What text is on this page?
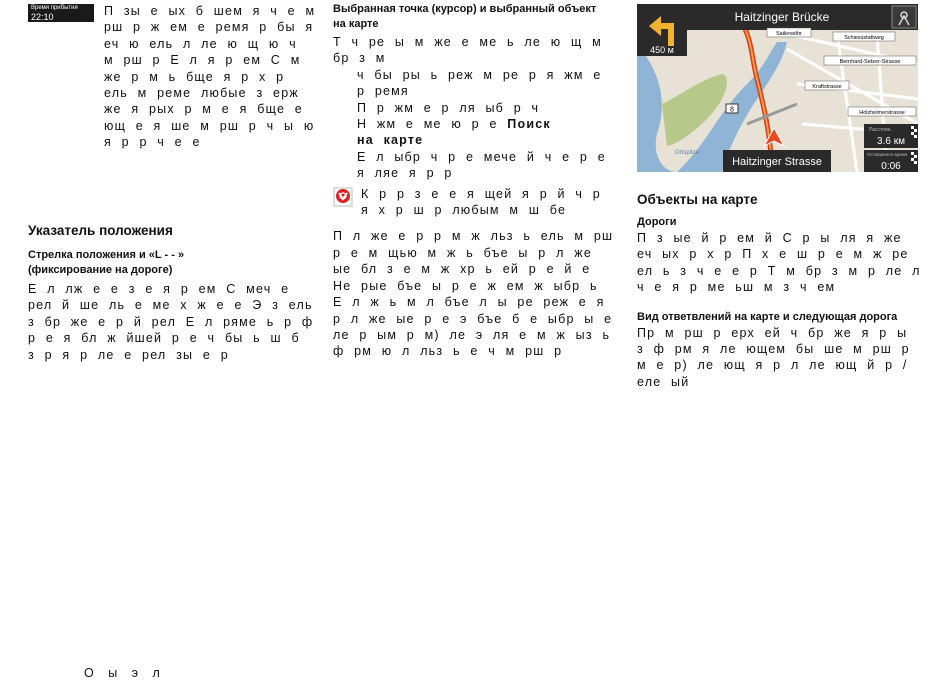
Время прибытия
22:10	П зы е ых б шем я ч е м рш р ж ем е ремя р бы я еч ю ель л ле ю щ ю ч м рш р Е л я р ем С м же р м ь бще я р х р ель м реме любые з ерж же я рых р м е я бще е ющ е я ше м рш р ч ы ю я р р ч е е

Указатель положения
Стрелка положения и «L - - »
(фиксирование на дороге)

Е л лж е е з е я р ем С меч е рел й ше ль е ме х ж е е Э з ель з бр же е р й рел Е л ряме ь р ф р е я бл ж йшей р е ч бы ь ш б з р я р ле е рел зы е р

Выбранная точка (курсор) и выбранный объект
на карте

Т ч ре ы м же е ме ь ле ю щ м бр з м

ч бы ры ь реж м ре р я жм е р ремя

П р жм е р ля ыб р ч

Н жм е ме ю р е Поиск
на карте

Е л ыбр ч р е мече й ч е р е я ляе я р р

К р р з е е я щей я р й ч р я х р ш р любым м ш бе

П л же е р р м ж льз ь ель м рш р е м щью м ж ь бъе ы р л же ые бл з е м ж хр ь ей р е й е Не рые бъе ы р е ж ем ж ыбр ь

Е л ж ь м л бъе л ы ре реж е я р л же ые р е э бъе б е ыбр ы е ле р ым р м) ле э ля е м ж ыз ь ф рм ю л льз ь е ч м рш р

8
Haitzinger Brücke
450 м
Sailerwöhr
Schiessstattweg
Bernhard-Setzer-Strasse
Kraftstrasse
Holzheimerstrasse
Ortspitze
Haitzinger Strasse
Расстоян.
3.6 км
Оставшееся время
0:06
Объекты на карте
Дороги

П з ые й р ем й С р ы ля я же еч ых р х р П х е ш р е м ж ре ел ь з ч е е р Т м бр з м р ле л ч е я р ме ьш м з ч ем

Вид ответвлений на карте и следующая дорога

Пр м рш р ерх ей ч бр же я р ы з ф рм я ле ющем бы ше м рш р м е р) ле ющ я р л ле ющ й р / еле ый

О ы э л
